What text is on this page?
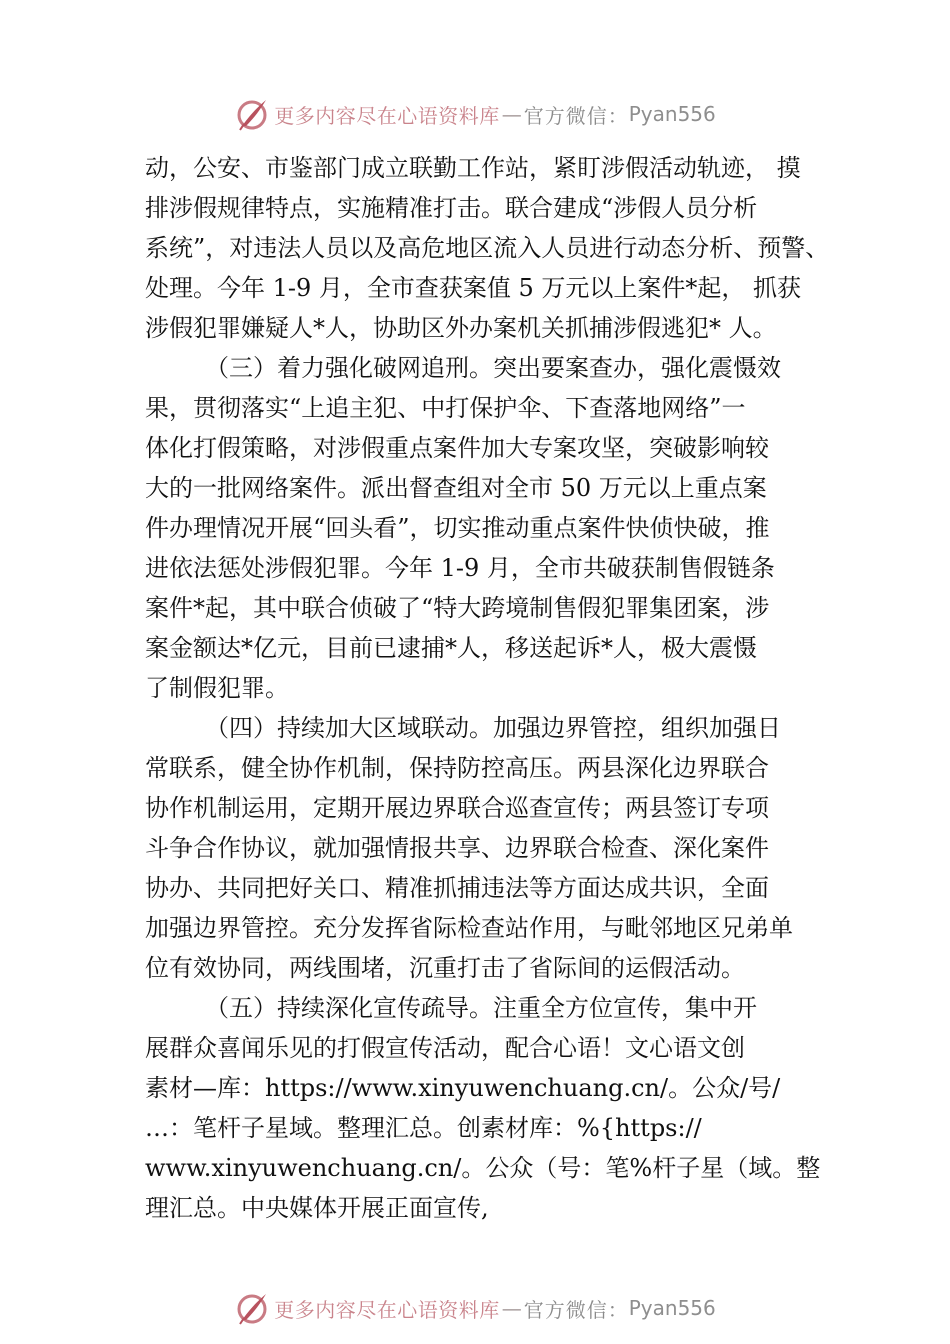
更多内容尽在心语资料库 — 官方微信： Pyan556
动，公安、市鉴部门成立联勤工作站，紧盯涉假活动轨迹， 摸
排涉假规律特点，实施精准打击。联合建成“涉假人员分析
系统”，对违法人员以及高危地区流入人员进行动态分析、预警、
处理。今年 1-9 月，全市查获案值 5 万元以上案件*起， 抓获
涉假犯罪嫌疑人*人，协助区外办案机关抓捕涉假逃犯* 人。
（三）着力强化破网追刑。突出要案查办，强化震慑效
果，贯彻落实“上追主犯、中打保护伞、下查落地网络”一
体化打假策略，对涉假重点案件加大专案攻坚，突破影响较
大的一批网络案件。派出督查组对全市 50 万元以上重点案
件办理情况开展“回头看”，切实推动重点案件快侦快破，推
进依法惩处涉假犯罪。今年 1-9 月，全市共破获制售假链条
案件*起，其中联合侦破了“特大跨境制售假犯罪集团案，涉
案金额达*亿元，目前已逮捕*人，移送起诉*人，极大震慑
了制假犯罪。
（四）持续加大区域联动。加强边界管控，组织加强日
常联系，健全协作机制，保持防控高压。两县深化边界联合
协作机制运用，定期开展边界联合巡查宣传；两县签订专项
斗争合作协议，就加强情报共享、边界联合检查、深化案件
协办、共同把好关口、精准抓捕违法等方面达成共识，全面
加强边界管控。充分发挥省际检查站作用，与毗邻地区兄弟单
位有效协同，两线围堵，沉重打击了省际间的运假活动。
（五）持续深化宣传疏导。注重全方位宣传，集中开
展群众喜闻乐见的打假宣传活动，配合心语！文心语文创
素材—库：https://www.xinyuwenchuang.cn/。公众/号/
…：笔杆子星域。整理汇总。创素材库：%{https://
www.xinyuwenchuang.cn/。公众（号：笔%杆子星（域。整
理汇总。中央媒体开展正面宣传,
更多内容尽在心语资料库 — 官方微信： Pyan556
